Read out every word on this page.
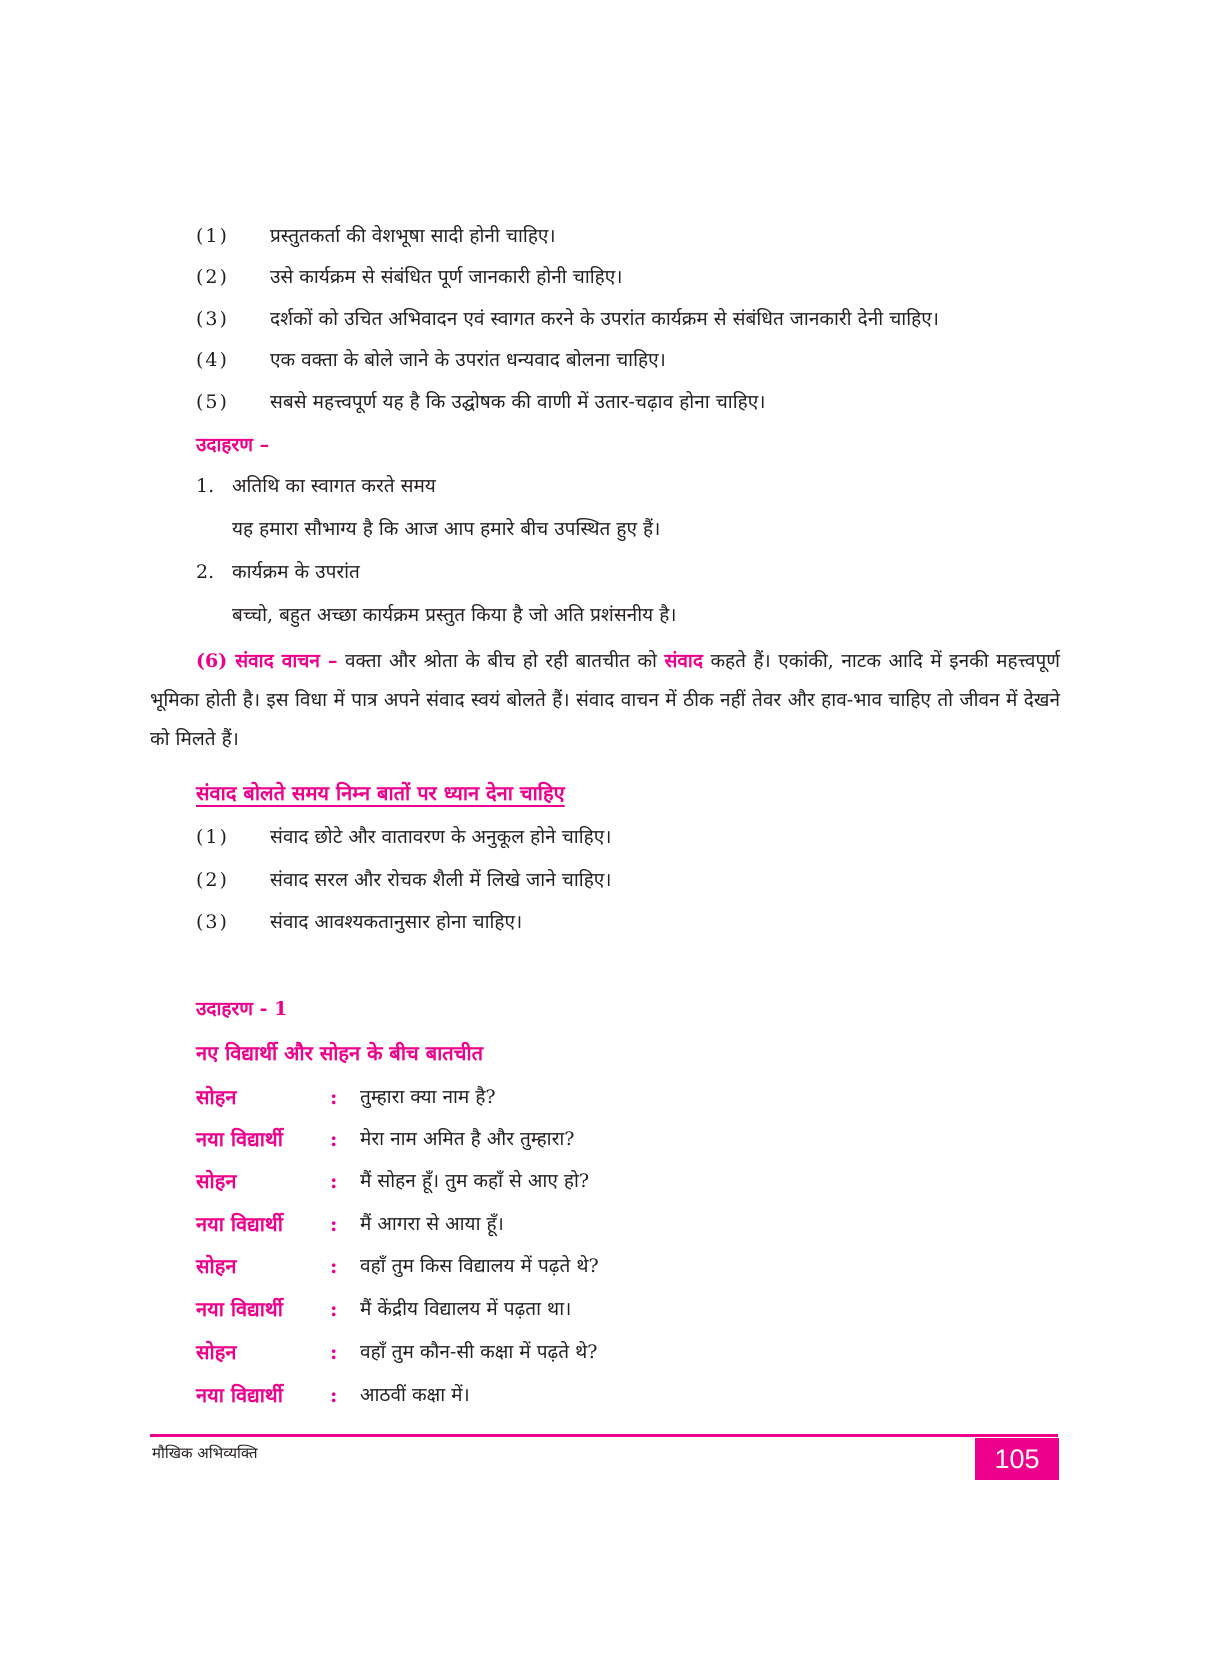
(1) प्रस्तुतकर्ता की वेशभूषा सादी होनी चाहिए।
(2) उसे कार्यक्रम से संबंधित पूर्ण जानकारी होनी चाहिए।
(3) दर्शकों को उचित अभिवादन एवं स्वागत करने के उपरांत कार्यक्रम से संबंधित जानकारी देनी चाहिए।
(4) एक वक्ता के बोले जाने के उपरांत धन्यवाद बोलना चाहिए।
(5) सबसे महत्त्वपूर्ण यह है कि उद्घोषक की वाणी में उतार-चढ़ाव होना चाहिए।
उदाहरण –
1. अतिथि का स्वागत करते समय
यह हमारा सौभाग्य है कि आज आप हमारे बीच उपस्थित हुए हैं।
2. कार्यक्रम के उपरांत
बच्चो, बहुत अच्छा कार्यक्रम प्रस्तुत किया है जो अति प्रशंसनीय है।
(6) संवाद वाचन – वक्ता और श्रोता के बीच हो रही बातचीत को संवाद कहते हैं। एकांकी, नाटक आदि में इनकी महत्त्वपूर्ण भूमिका होती है। इस विधा में पात्र अपने संवाद स्वयं बोलते हैं। संवाद वाचन में ठीक नहीं तेवर और हाव-भाव चाहिए तो जीवन में देखने को मिलते हैं।
संवाद बोलते समय निम्न बातों पर ध्यान देना चाहिए
(1) संवाद छोटे और वातावरण के अनुकूल होने चाहिए।
(2) संवाद सरल और रोचक शैली में लिखे जाने चाहिए।
(3) संवाद आवश्यकतानुसार होना चाहिए।
उदाहरण - 1
नए विद्यार्थी और सोहन के बीच बातचीत
सोहन	: तुम्हारा क्या नाम है?
नया विद्यार्थी : मेरा नाम अमित है और तुम्हारा?
सोहन	: मैं सोहन हूँ। तुम कहाँ से आए हो?
नया विद्यार्थी : मैं आगरा से आया हूँ।
सोहन	: वहाँ तुम किस विद्यालय में पढ़ते थे?
नया विद्यार्थी : मैं केंद्रीय विद्यालय में पढ़ता था।
सोहन	: वहाँ तुम कौन-सी कक्षा में पढ़ते थे?
नया विद्यार्थी : आठवीं कक्षा में।
मौखिक अभिव्यक्ति	105
